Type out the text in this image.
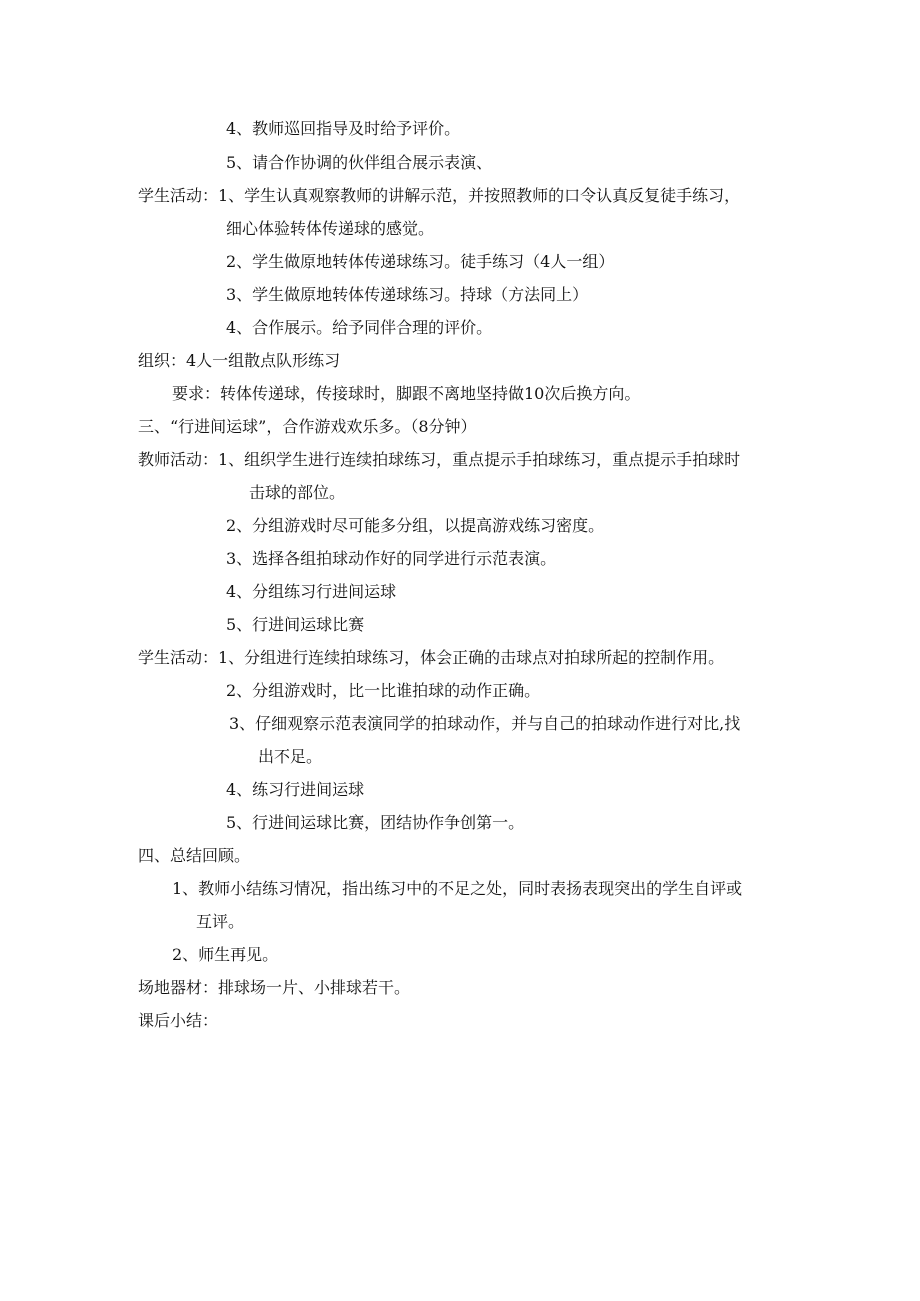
4、教师巡回指导及时给予评价。
5、请合作协调的伙伴组合展示表演、
学生活动：1、学生认真观察教师的讲解示范，并按照教师的口令认真反复徒手练习，
细心体验转体传递球的感觉。
2、学生做原地转体传递球练习。徒手练习（4人一组）
3、学生做原地转体传递球练习。持球（方法同上）
4、合作展示。给予同伴合理的评价。
组织：4人一组散点队形练习
要求：转体传递球，传接球时，脚跟不离地坚持做10次后换方向。
三、“行进间运球”，合作游戏欢乐多。（8分钟）
教师活动：1、组织学生进行连续拍球练习，重点提示手拍球练习，重点提示手拍球时
击球的部位。
2、分组游戏时尽可能多分组，以提高游戏练习密度。
3、选择各组拍球动作好的同学进行示范表演。
4、分组练习行进间运球
5、行进间运球比赛
学生活动：1、分组进行连续拍球练习，体会正确的击球点对拍球所起的控制作用。
2、分组游戏时，比一比谁拍球的动作正确。
3、仔细观察示范表演同学的拍球动作，并与自己的拍球动作进行对比,找
出不足。
4、练习行进间运球
5、行进间运球比赛，团结协作争创第一。
四、总结回顾。
1、教师小结练习情况，指出练习中的不足之处，同时表扬表现突出的学生自评或
互评。
2、师生再见。
场地器材：排球场一片、小排球若干。
课后小结：
